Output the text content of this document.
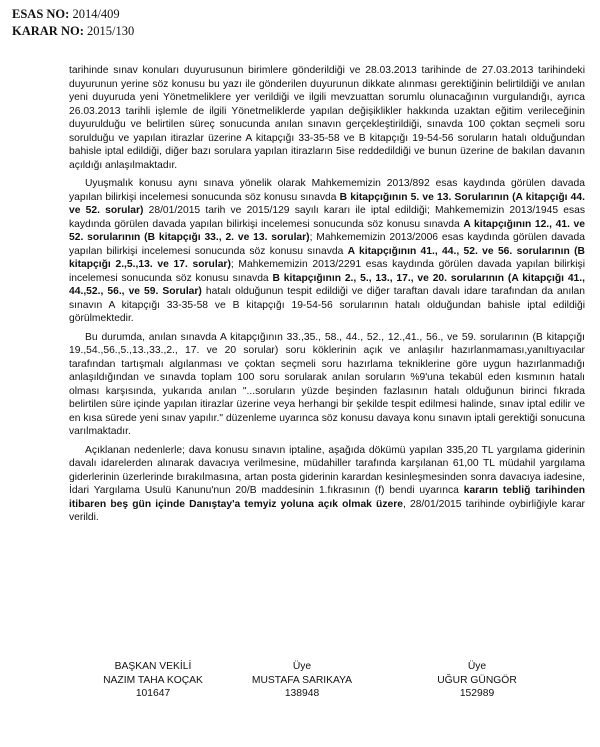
ESAS NO: 2014/409
KARAR NO: 2015/130

tarihinde sınav konuları duyurusunun birimlere gönderildiği ve 28.03.2013 tarihinde de 27.03.2013 tarihindeki duyurunun yerine söz konusu bu yazı ile gönderilen duyurunun dikkate alınması gerektiğinin belirtildiği ve anılan yeni duyuruda yeni Yönetmeliklere yer verildiği ve ilgili mevzuattan sorumlu olunacağının vurgulandığı, ayrıca 26.03.2013 tarihli işlemle de ilgili Yönetmeliklerde yapılan değişiklikler hakkında uzaktan eğitim verileceğinin duyurulduğu ve belirtilen süreç sonucunda anılan sınavın gerçekleştirildiği, sınavda 100 çoktan seçmeli soru sorulduğu ve yapılan itirazlar üzerine A kitapçığı 33-35-58 ve B kitapçığı 19-54-56 soruların hatalı olduğundan bahisle iptal edildiği, diğer bazı sorulara yapılan itirazların 5ise reddedildiği ve bunun üzerine de bakılan davanın açıldığı anlaşılmaktadır.

Uyuşmalık konusu aynı sınava yönelik olarak Mahkememizin 2013/892 esas kaydında görülen davada yapılan bilirkişi incelemesi sonucunda söz konusu sınavda B kitapçığının 5. ve 13. Sorularının (A kitapçığı 44. ve 52. sorular) 28/01/2015 tarih ve 2015/129 sayılı kararı ile iptal edildiği; Mahkememizin 2013/1945 esas kaydında görülen davada yapılan bilirkişi incelemesi sonucunda söz konusu sınavda A kitapçığının 12., 41. ve 52. sorularının (B kitapçığı 33., 2. ve 13. sorular); Mahkememizin 2013/2006 esas kaydında görülen davada yapılan bilirkişi incelemesi sonucunda söz konusu sınavda A kitapçığının 41., 44., 52. ve 56. sorularının (B kitapçığı 2.,5.,13. ve 17. sorular); Mahkememizin 2013/2291 esas kaydında görülen davada yapılan bilirkişi incelemesi sonucunda söz konusu sınavda B kitapçığının 2., 5., 13., 17., ve 20. sorularının (A kitapçığı 41., 44.,52., 56., ve 59. Sorular) hatalı olduğunun tespit edildiği ve diğer taraftan davalı idare tarafından da anılan sınavın A kitapçığı 33-35-58 ve B kitapçığı 19-54-56 sorularının hatalı olduğundan bahisle iptal edildiği görülmektedir.

Bu durumda, anılan sınavda A kitapçığının 33.,35., 58., 44., 52., 12.,41., 56., ve 59. sorularının (B kitapçığı 19.,54.,56.,5.,13.,33.,2., 17. ve 20 sorular) soru köklerinin açık ve anlaşılır hazırlanmaması,yanıltıyacılar tarafından tartışmalı algılanması ve çoktan seçmeli soru hazırlama tekniklerine göre uygun hazırlanmadığı anlaşıldığından ve sınavda toplam 100 soru sorularak anılan soruların %9'una tekabül eden kısmının hatalı olması karşısında, yukarıda anılan "...soruların yüzde beşinden fazlasının hatalı olduğunun birinci fıkrada belirtilen süre içinde yapılan itirazlar üzerine veya herhangi bir şekilde tespit edilmesi halinde, sınav iptal edilir ve en kısa sürede yeni sınav yapılır." düzenleme uyarınca söz konusu davaya konu sınavın iptali gerektiği sonucuna varılmaktadır.

Açıklanan nedenlerle; dava konusu sınavın iptaline, aşağıda dökümü yapılan 335,20 TL yargılama giderinin davalı idarelerden alınarak davacıya verilmesine, müdahiller tarafında karşılanan 61,00 TL müdahil yargılama giderlerinin üzerlerinde bırakılmasına, artan posta giderinin karardan kesinleşmesinden sonra davacıya iadesine, İdari Yargılama Usulü Kanunu'nun 20/B maddesinin 1.fıkrasının (f) bendi uyarınca kararın tebliğ tarihinden itibaren beş gün içinde Danıştay'a temyiz yoluna açık olmak üzere, 28/01/2015 tarihinde oybirliğiyle karar verildi.

BAŞKAN VEKİLİ
NAZIM TAHA KOÇAK
101647
Üye
MUSTAFA SARIKAYA
138948
Üye
UĞUR GÜNGÖR
152989
